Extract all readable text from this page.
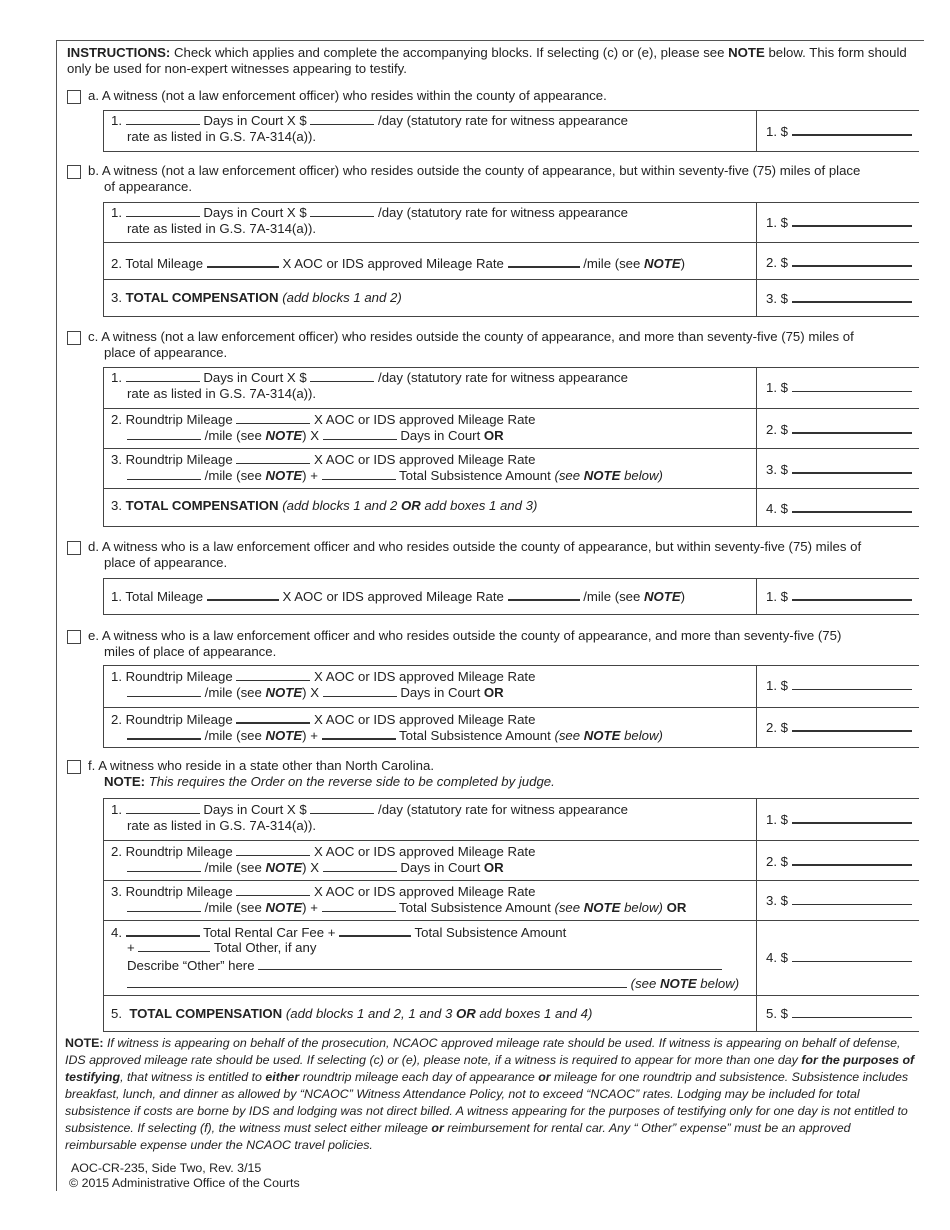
INSTRUCTIONS: Check which applies and complete the accompanying blocks. If selecting (c) or (e), please see NOTE below. This form should only be used for non-expert witnesses appearing to testify.
a. A witness (not a law enforcement officer) who resides within the county of appearance.
1.	Days in Court X $	/day (statutory rate for witness appearance
rate as listed in G.S. 7A-314(a)).	1. $
b. A witness (not a law enforcement officer) who resides outside the county of appearance, but within seventy-five (75) miles of place
of appearance.
1.	Days in Court X $	/day (statutory rate for witness appearance
rate as listed in G.S. 7A-314(a)).	1. $
2. Total Mileage	X AOC or IDS approved Mileage Rate	/mile (see NOTE)	2. $
3. TOTAL COMPENSATION (add blocks 1 and 2)	3. $
c. A witness (not a law enforcement officer) who resides outside the county of appearance, and more than seventy-five (75) miles of
place of appearance.
1.	Days in Court X $	/day (statutory rate for witness appearance
rate as listed in G.S. 7A-314(a)).	1. $
2. Roundtrip Mileage	X AOC or IDS approved Mileage Rate
/mile (see NOTE) X	Days in Court OR	2. $
3. Roundtrip Mileage	X AOC or IDS approved Mileage Rate
/mile (see NOTE) +	Total Subsistence Amount (see NOTE below)	3. $
3. TOTAL COMPENSATION (add blocks 1 and 2 OR add boxes 1 and 3)	4. $
d. A witness who is a law enforcement officer and who resides outside the county of appearance, but within seventy-five (75) miles of
place of appearance.
1. Total Mileage	X AOC or IDS approved Mileage Rate	/mile (see NOTE)	1. $
e. A witness who is a law enforcement officer and who resides outside the county of appearance, and more than seventy-five (75)
miles of place of appearance.
1. Roundtrip Mileage	X AOC or IDS approved Mileage Rate
/mile (see NOTE) X	Days in Court OR	1. $
2. Roundtrip Mileage	X AOC or IDS approved Mileage Rate
/mile (see NOTE) +	Total Subsistence Amount (see NOTE below)
2. $
f. A witness who reside in a state other than North Carolina.
NOTE: This requires the Order on the reverse side to be completed by judge.
1.	Days in Court X $	/day (statutory rate for witness appearance
rate as listed in G.S. 7A-314(a)).	1. $
2. Roundtrip Mileage	X AOC or IDS approved Mileage Rate
/mile (see NOTE) X	Days in Court OR	2. $
3. Roundtrip Mileage	X AOC or IDS approved Mileage Rate
/mile (see NOTE) +	Total Subsistence Amount (see NOTE below) OR	3. $
4.	Total Rental Car Fee +	Total Subsistence Amount
+	Total Other, if any
Describe “Other” here
(see NOTE below)
4. $
5. TOTAL COMPENSATION (add blocks 1 and 2, 1 and 3 OR add boxes 1 and 4)	5. $
NOTE: If witness is appearing on behalf of the prosecution, NCAOC approved mileage rate should be used. If witness is appearing on behalf of defense, IDS approved mileage rate should be used. If selecting (c) or (e), please note, if a witness is required to appear for more than one day for the purposes of testifying, that witness is entitled to either roundtrip mileage each day of appearance or mileage for one roundtrip and subsistence. Subsistence includes breakfast, lunch, and dinner as allowed by “NCAOC” Witness Attendance Policy, not to exceed “NCAOC” rates. Lodging may be included for total subsistence if costs are borne by IDS and lodging was not direct billed. A witness appearing for the purposes of testifying only for one day is not entitled to subsistence. If selecting (f), the witness must select either mileage or reimbursement for rental car. Any “ Other” expense” must be an approved reimbursable expense under the NCAOC travel policies.
AOC-CR-235, Side Two, Rev. 3/15
© 2015 Administrative Office of the Courts
